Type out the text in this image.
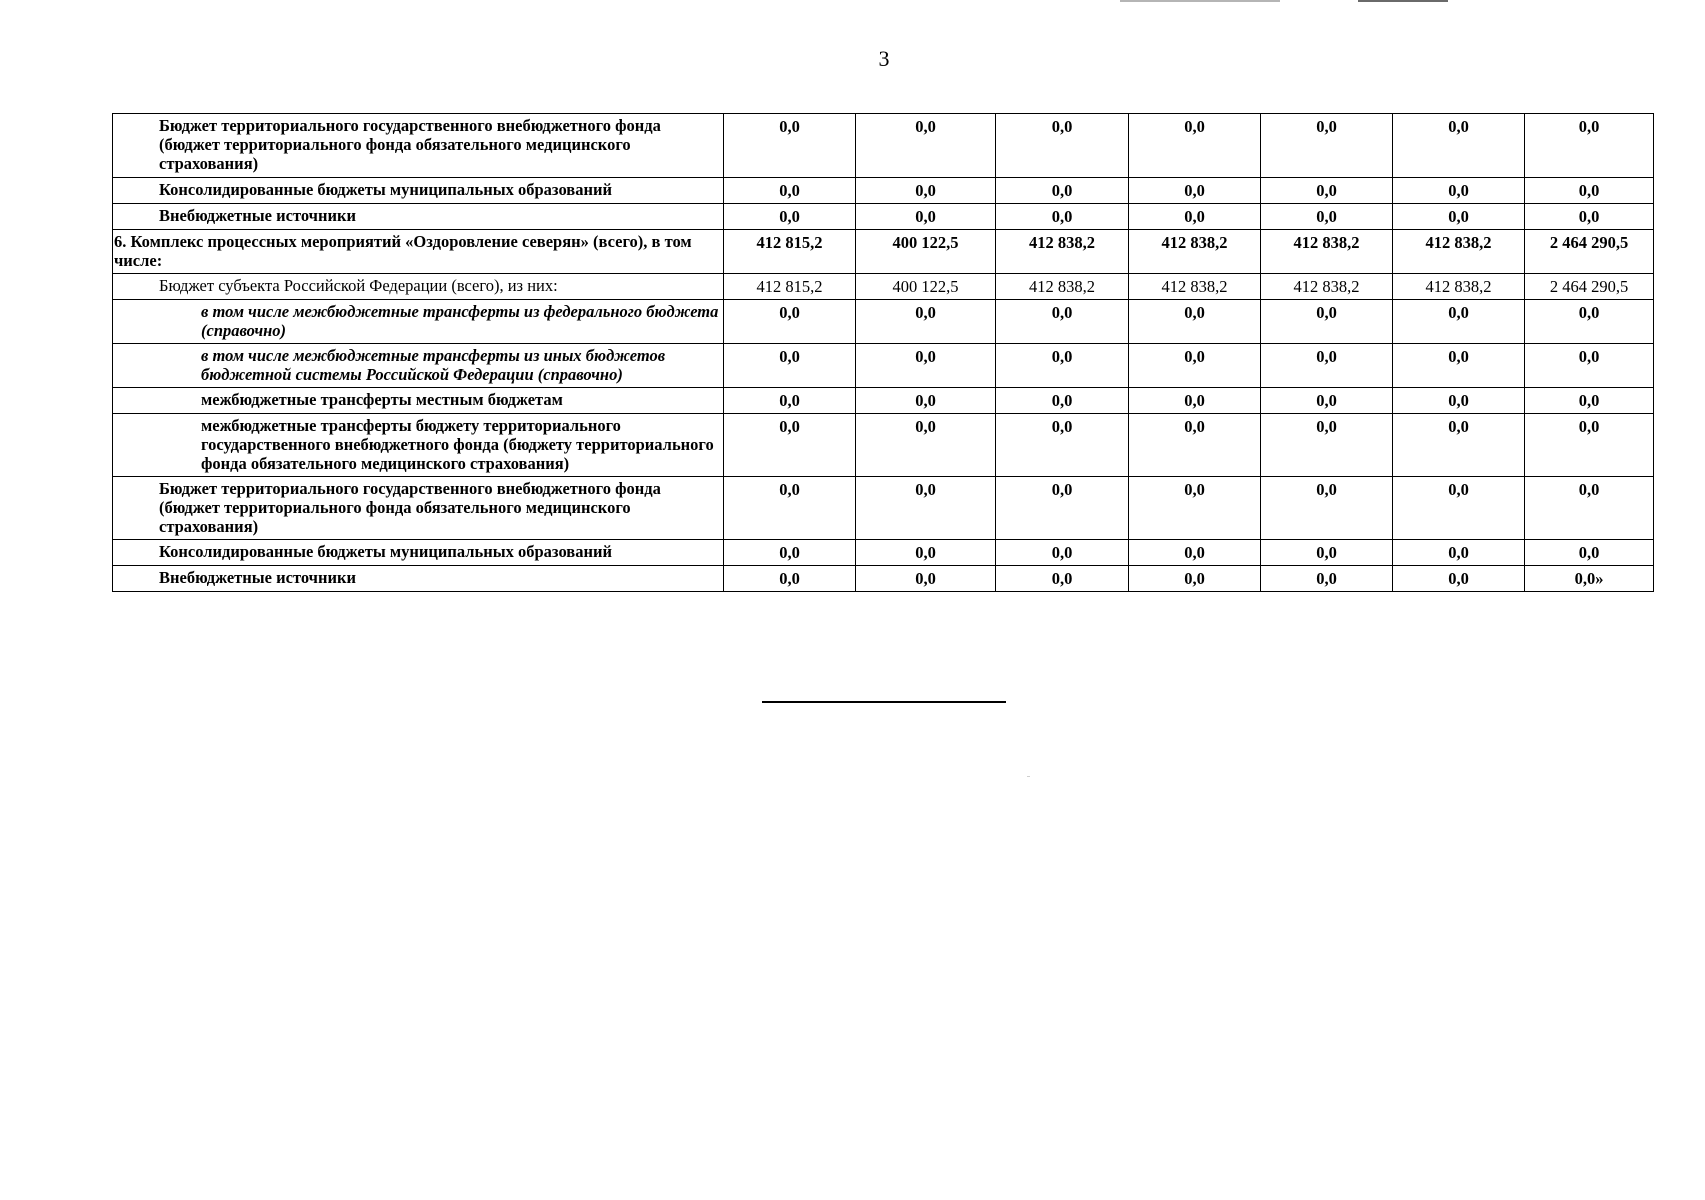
3
Бюджет территориального государственного внебюджетного фонда (бюджет территориального фонда обязательного медицинского страхования)	0,0	0,0	0,0	0,0	0,0	0,0	0,0
Консолидированные бюджеты муниципальных образований	0,0	0,0	0,0	0,0	0,0	0,0	0,0
Внебюджетные источники	0,0	0,0	0,0	0,0	0,0	0,0	0,0
6. Комплекс процессных мероприятий «Оздоровление северян» (всего), в том числе:	412 815,2	400 122,5	412 838,2	412 838,2	412 838,2	412 838,2	2 464 290,5
Бюджет субъекта Российской Федерации (всего), из них:	412 815,2	400 122,5	412 838,2	412 838,2	412 838,2	412 838,2	2 464 290,5
в том числе межбюджетные трансферты из федерального бюджета (справочно)	0,0	0,0	0,0	0,0	0,0	0,0	0,0
в том числе межбюджетные трансферты из иных бюджетов бюджетной системы Российской Федерации (справочно)	0,0	0,0	0,0	0,0	0,0	0,0	0,0
межбюджетные трансферты местным бюджетам	0,0	0,0	0,0	0,0	0,0	0,0	0,0
межбюджетные трансферты бюджету территориального государственного внебюджетного фонда (бюджету территориального фонда обязательного медицинского страхования)	0,0	0,0	0,0	0,0	0,0	0,0	0,0
Бюджет территориального государственного внебюджетного фонда (бюджет территориального фонда обязательного медицинского страхования)	0,0	0,0	0,0	0,0	0,0	0,0	0,0
Консолидированные бюджеты муниципальных образований	0,0	0,0	0,0	0,0	0,0	0,0	0,0
Внебюджетные источники	0,0	0,0	0,0	0,0	0,0	0,0	0,0»
